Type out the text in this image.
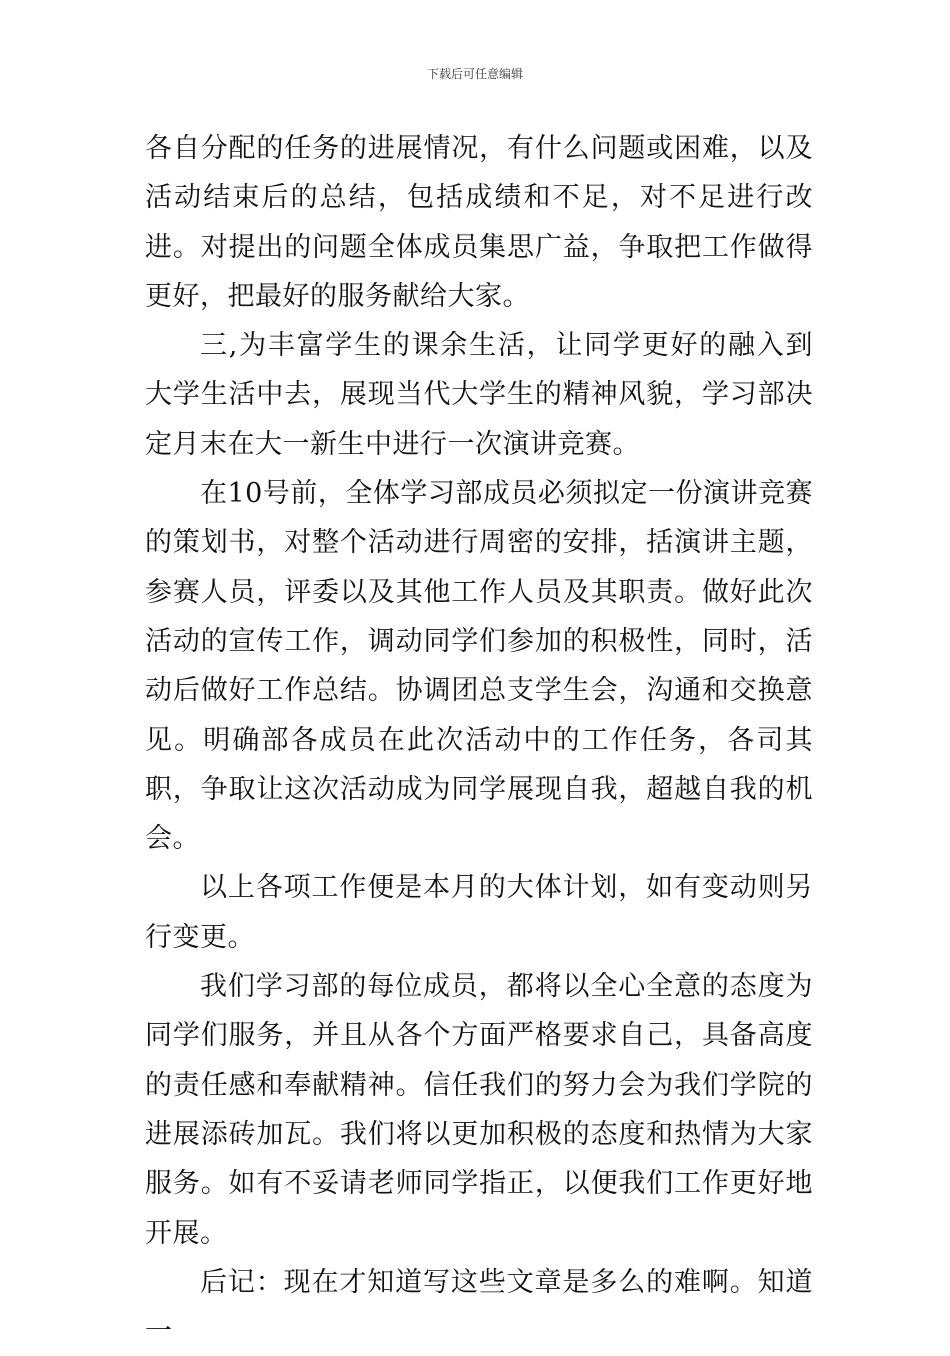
下载后可任意编辑

各自分配的任务的进展情况，有什么问题或困难，以及活动结束后的总结，包括成绩和不足，对不足进行改进。对提出的问题全体成员集思广益，争取把工作做得更好，把最好的服务献给大家。

三,为丰富学生的课余生活，让同学更好的融入到大学生活中去，展现当代大学生的精神风貌，学习部决定月末在大一新生中进行一次演讲竞赛。

在10号前，全体学习部成员必须拟定一份演讲竞赛的策划书，对整个活动进行周密的安排，括演讲主题，参赛人员，评委以及其他工作人员及其职责。做好此次活动的宣传工作，调动同学们参加的积极性，同时，活动后做好工作总结。协调团总支学生会，沟通和交换意见。明确部各成员在此次活动中的工作任务，各司其职，争取让这次活动成为同学展现自我，超越自我的机会。

以上各项工作便是本月的大体计划，如有变动则另行变更。

我们学习部的每位成员，都将以全心全意的态度为同学们服务，并且从各个方面严格要求自己，具备高度的责任感和奉献精神。信任我们的努力会为我们学院的进展添砖加瓦。我们将以更加积极的态度和热情为大家服务。如有不妥请老师同学指正，以便我们工作更好地开展。

后记：现在才知道写这些文章是多么的难啊。知道一
